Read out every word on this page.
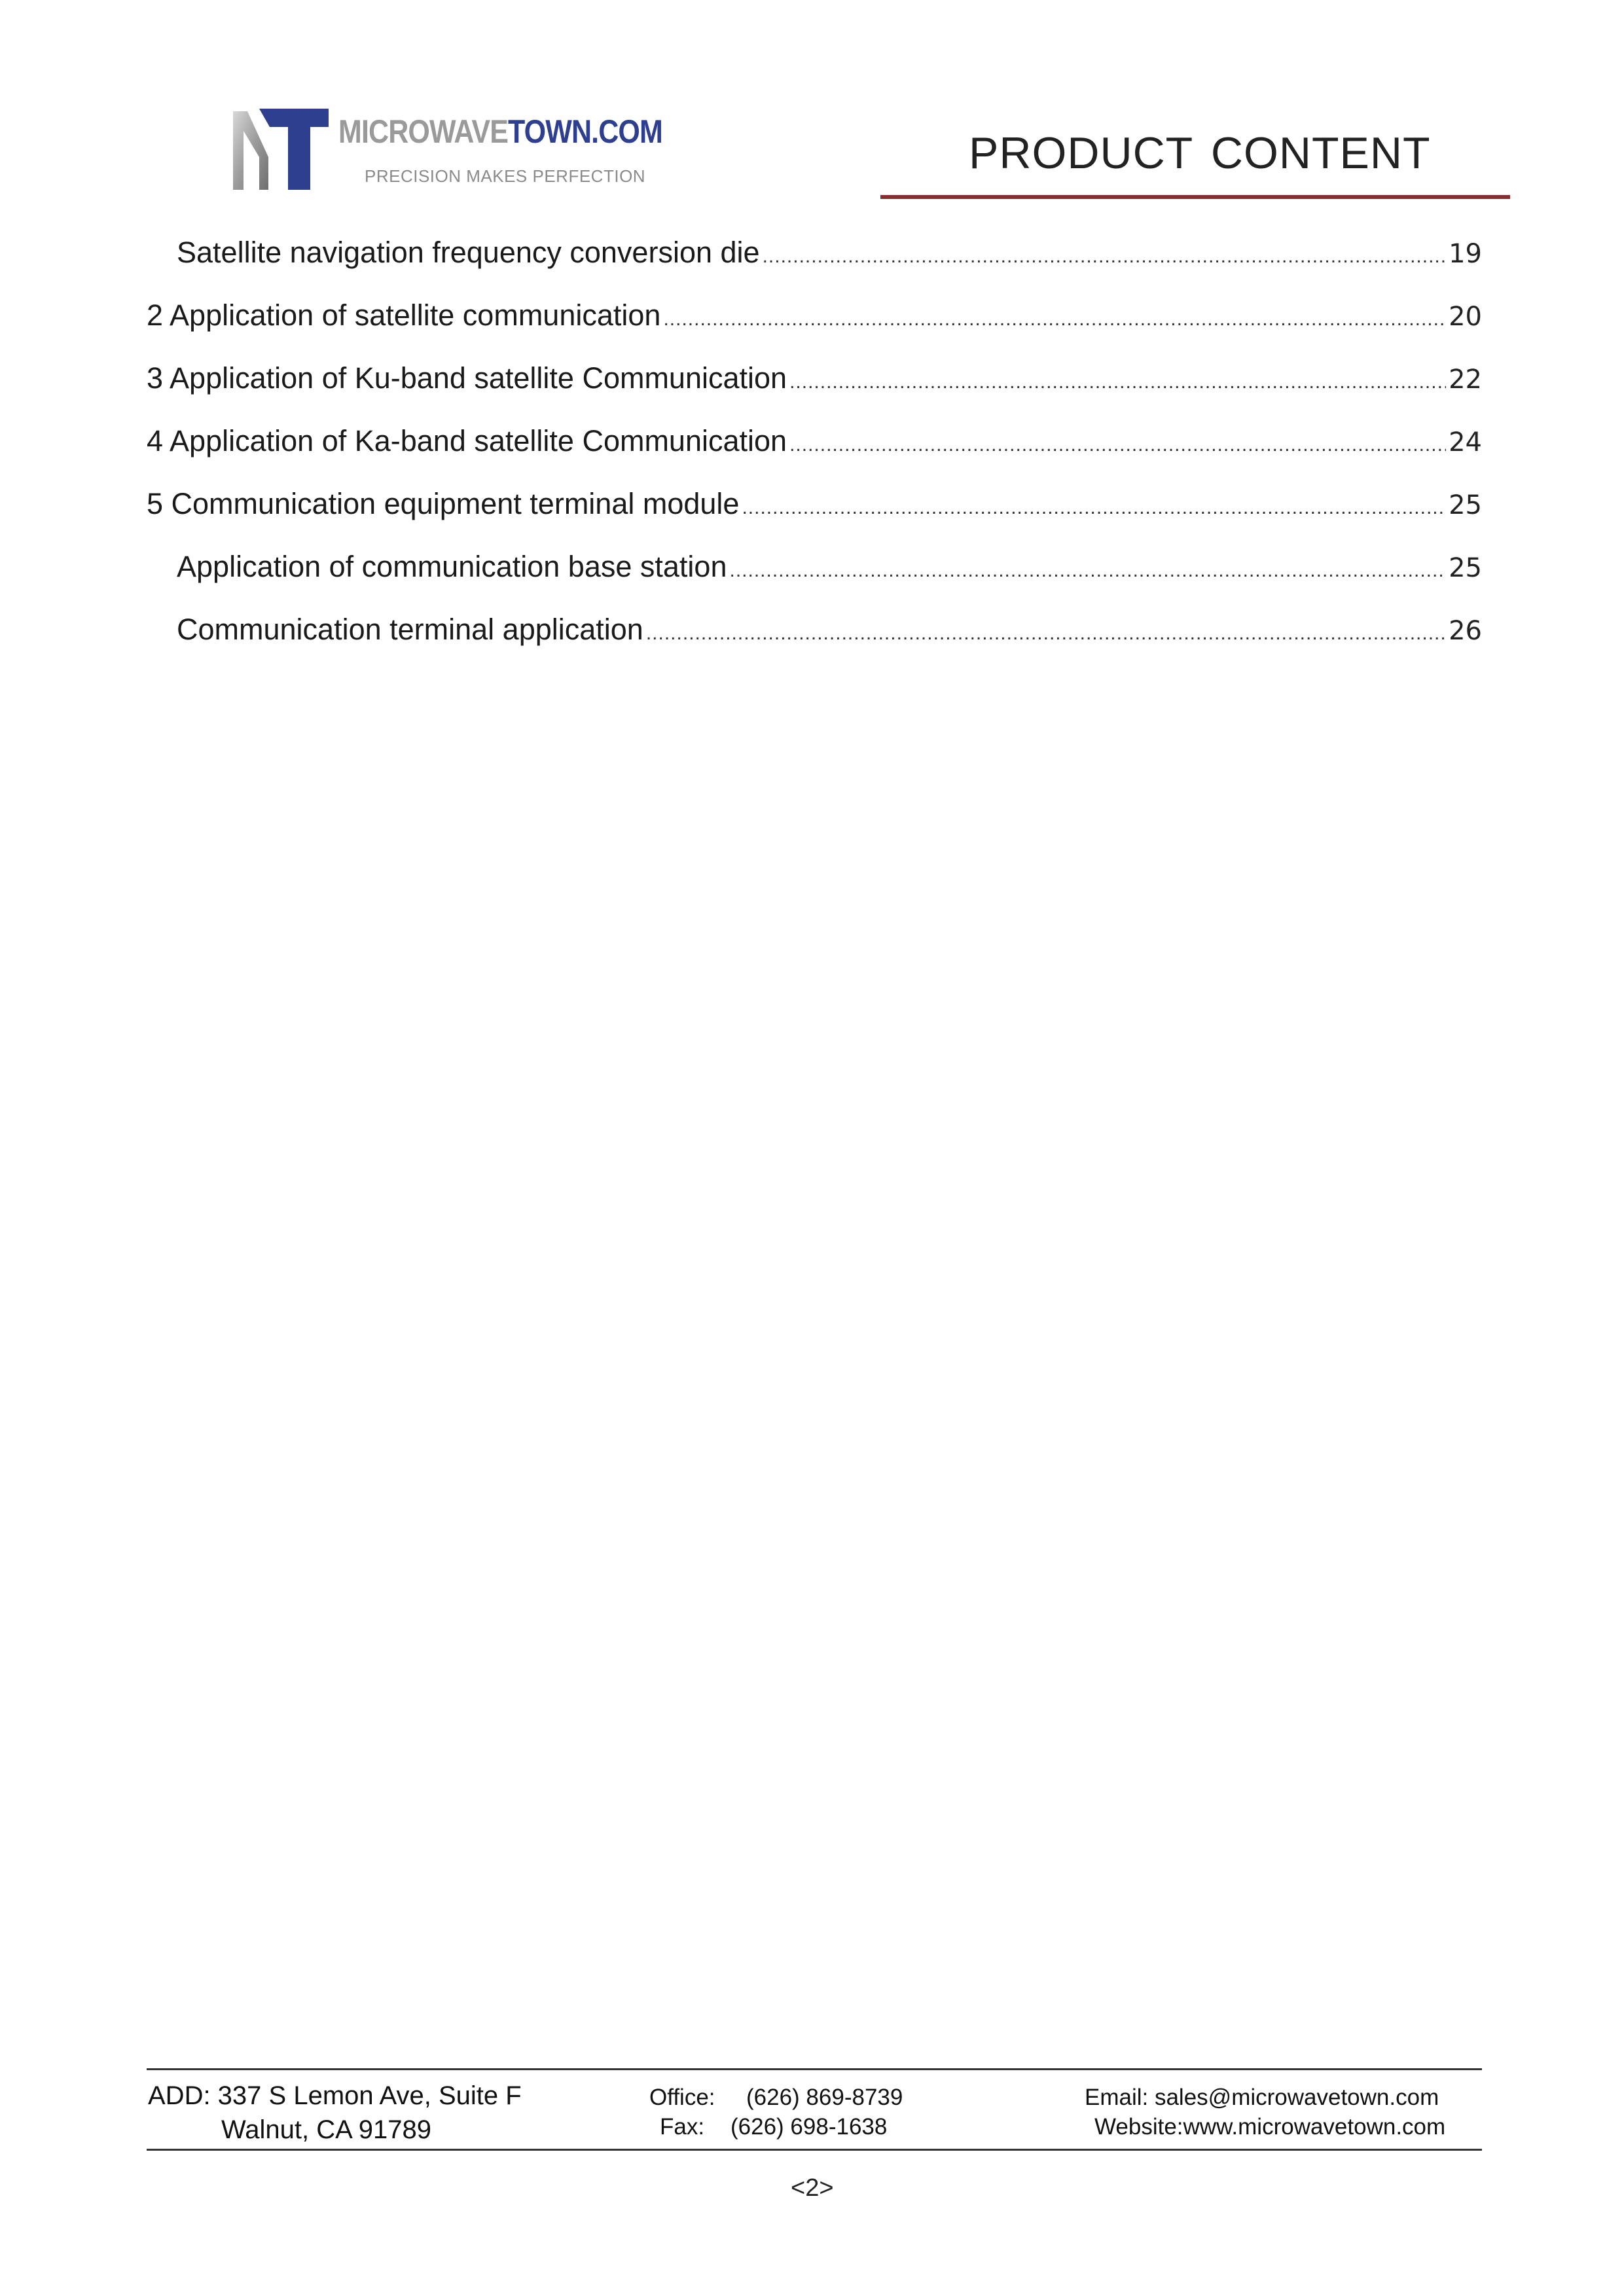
MICROWAVETOWN.COM
PRECISION MAKES PERFECTION	PRODUCT CONTENT
Satellite navigation frequency conversion die .....	19
2 Application of satellite communication .....	20
3 Application of Ku-band satellite Communication .....	22
4 Application of Ka-band satellite Communication .....	24
5 Communication equipment terminal module .....	25
Application of communication base station .....	25
Communication terminal application .....	26
ADD: 337 S Lemon Ave, Suite F
Walnut, CA 91789
Office: (626) 869-8739
Fax: (626) 698-1638
Email: sales@microwavetown.com
Website:www.microwavetown.com
<2>
